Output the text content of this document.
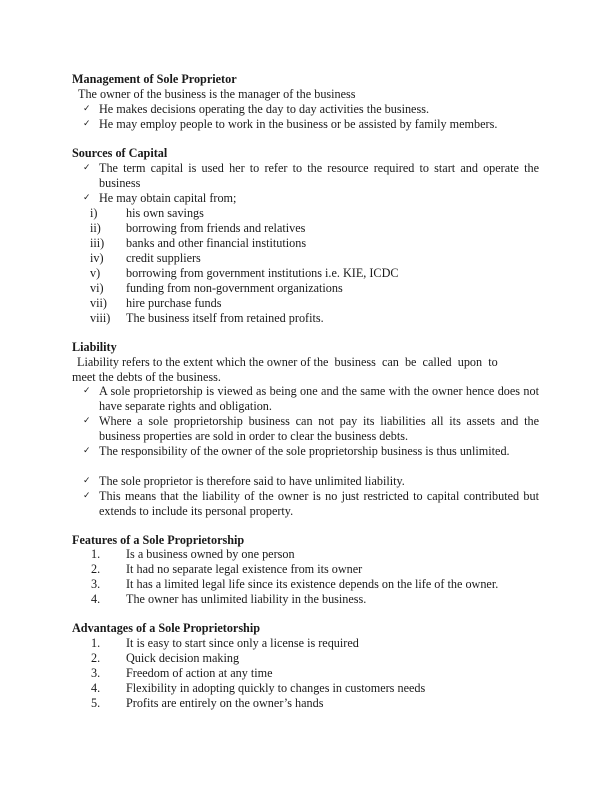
Management of Sole Proprietor
The owner of the business is the manager of the business
✓ He makes decisions operating the day to day activities the business.
✓ He may employ people to work in the business or be assisted by family members.
Sources of Capital
✓ The term capital is used her to refer to the resource required to start and operate the business
✓ He may obtain capital from;
i) his own savings
ii) borrowing from friends and relatives
iii) banks and other financial institutions
iv) credit suppliers
v) borrowing from government institutions i.e. KIE, ICDC
vi) funding from non-government organizations
vii) hire purchase funds
viii) The business itself from retained profits.
Liability
Liability refers to the extent which the owner of the  business  can  be  called  upon  to
meet the debts of the business.
✓ A sole proprietorship is viewed as being one and the same with the owner hence does not have separate rights and obligation.
✓ Where a sole proprietorship business can not pay its liabilities all its assets and the business properties are sold in order to clear the business debts.
✓ The responsibility of the owner of the sole proprietorship business is thus unlimited.
✓ The sole proprietor is therefore said to have unlimited liability.
✓ This means that the liability of the owner is no just restricted to capital contributed but extends to include its personal property.
Features of a Sole Proprietorship
1. Is a business owned by one person
2. It had no separate legal existence from its owner
3. It has a limited legal life since its existence depends on the life of the owner.
4. The owner has unlimited liability in the business.
Advantages of a Sole Proprietorship
1. It is easy to start since only a license is required
2. Quick decision making
3. Freedom of action at any time
4. Flexibility in adopting quickly to changes in customers needs
5. Profits are entirely on the owner’s hands
